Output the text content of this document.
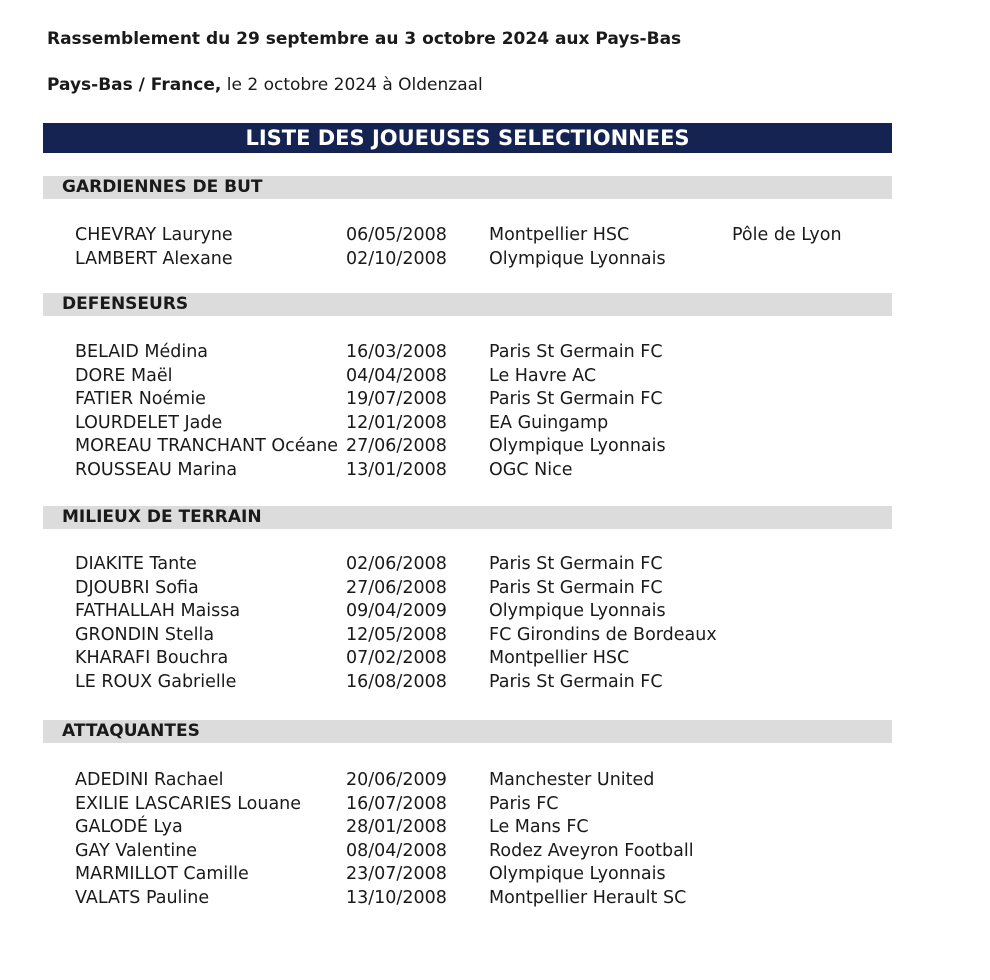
Rassemblement du 29 septembre au 3 octobre 2024 aux Pays-Bas
Pays-Bas / France, le 2 octobre 2024 à Oldenzaal
LISTE DES JOUEUSES SELECTIONNEES
GARDIENNES DE BUT
CHEVRAY Lauryne	06/05/2008 Montpellier HSC	Pôle de Lyon
LAMBERT Alexane	02/10/2008 Olympique Lyonnais
DEFENSEURS
BELAID Médina	16/03/2008 Paris St Germain FC
DORE Maël	04/04/2008 Le Havre AC
FATIER Noémie	19/07/2008 Paris St Germain FC
LOURDELET Jade	12/01/2008 EA Guingamp
MOREAU TRANCHANT Océane 27/06/2008 Olympique Lyonnais
ROUSSEAU Marina	13/01/2008 OGC Nice
MILIEUX DE TERRAIN
DIAKITE Tante	02/06/2008 Paris St Germain FC
DJOUBRI Sofia	27/06/2008 Paris St Germain FC
FATHALLAH Maissa	09/04/2009 Olympique Lyonnais
GRONDIN Stella	12/05/2008 FC Girondins de Bordeaux
KHARAFI Bouchra	07/02/2008 Montpellier HSC
LE ROUX Gabrielle	16/08/2008 Paris St Germain FC
ATTAQUANTES
ADEDINI Rachael	20/06/2009 Manchester United
EXILIE LASCARIES Louane	16/07/2008 Paris FC
GALODÉ Lya	28/01/2008 Le Mans FC
GAY Valentine	08/04/2008 Rodez Aveyron Football
MARMILLOT Camille	23/07/2008 Olympique Lyonnais
VALATS Pauline	13/10/2008 Montpellier Herault SC
